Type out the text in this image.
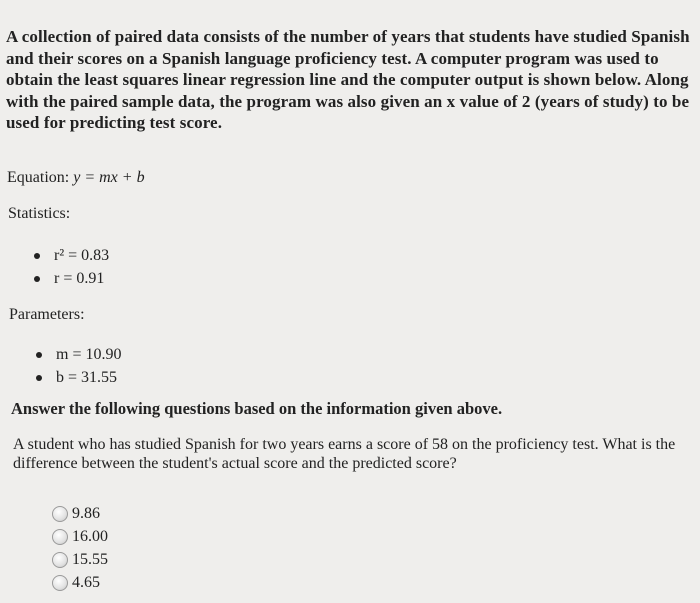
A collection of paired data consists of the number of years that students have studied Spanish and their scores on a Spanish language proficiency test. A computer program was used to obtain the least squares linear regression line and the computer output is shown below. Along with the paired sample data, the program was also given an x value of 2 (years of study) to be used for predicting test score.
Equation: y = mx + b
Statistics:
r² = 0.83
r = 0.91
Parameters:
m = 10.90
b = 31.55
Answer the following questions based on the information given above.
A student who has studied Spanish for two years earns a score of 58 on the proficiency test. What is the difference between the student's actual score and the predicted score?
9.86
16.00
15.55
4.65
